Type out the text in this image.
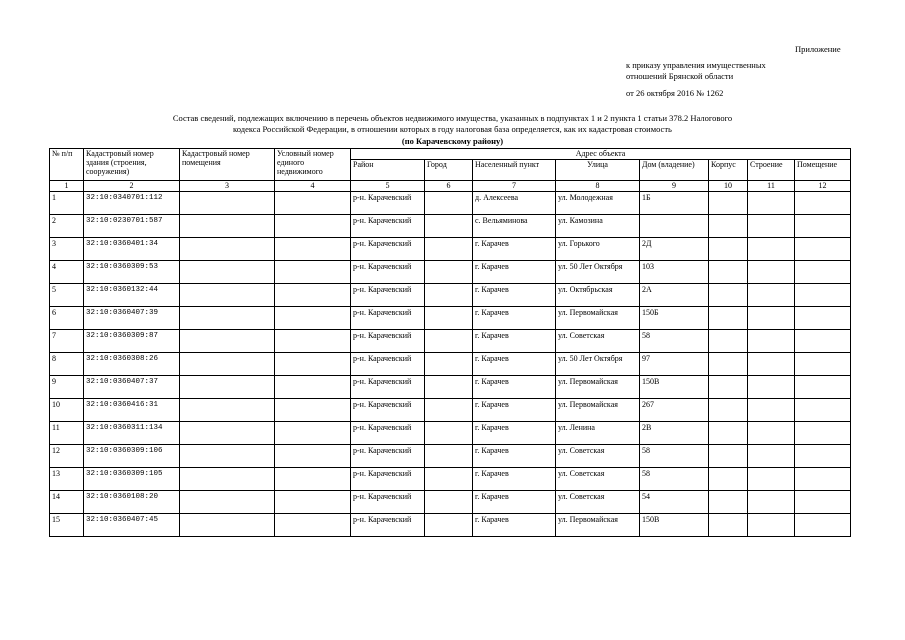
Приложение
к приказу управления имущественных
отношений Брянской области
от 26 октября 2016 № 1262
Состав сведений, подлежащих включению в перечень объектов недвижимого имущества, указанных в подпунктах 1 и 2 пункта 1 статьи 378.2 Налогового
кодекса Российской Федерации, в отношении которых в году налоговая база определяется, как их кадастровая стоимость
(по Карачевскому району)
№ п/п	Кадастровый номер здания (строения, сооружения)	Кадастровый номер помещения	Условный номер единого недвижимого	Адрес объекта							
				Район	Город	Населенный пункт	Улица	Дом (владение)	Корпус	Строение	Помещение
1	2	3	4	5	6	7	8	9	10	11	12
1	32:10:0340701:112			р-н. Карачевский		д. Алексеева	ул. Молодежная	1Б			
2	32:10:0230701:587			р-н. Карачевский		с. Вельяминова	ул. Камозина				
3	32:10:0360401:34			р-н. Карачевский		г. Карачев	ул. Горького	2Д			
4	32:10:0360309:53			р-н. Карачевский		г. Карачев	ул. 50 Лет Октября	103			
5	32:10:0360132:44			р-н. Карачевский		г. Карачев	ул. Октябрьская	2А			
6	32:10:0360407:39			р-н. Карачевский		г. Карачев	ул. Первомайская	150Б			
7	32:10:0360309:87			р-н. Карачевский		г. Карачев	ул. Советская	58			
8	32:10:0360308:26			р-н. Карачевский		г. Карачев	ул. 50 Лет Октября	97			
9	32:10:0360407:37			р-н. Карачевский		г. Карачев	ул. Первомайская	150В			
10	32:10:0360416:31			р-н. Карачевский		г. Карачев	ул. Первомайская	267			
11	32:10:0360311:134			р-н. Карачевский		г. Карачев	ул. Ленина	2В			
12	32:10:0360309:106			р-н. Карачевский		г. Карачев	ул. Советская	58			
13	32:10:0360309:105			р-н. Карачевский		г. Карачев	ул. Советская	58			
14	32:10:0360108:20			р-н. Карачевский		г. Карачев	ул. Советская	54			
15	32:10:0360407:45			р-н. Карачевский		г. Карачев	ул. Первомайская	150В			
